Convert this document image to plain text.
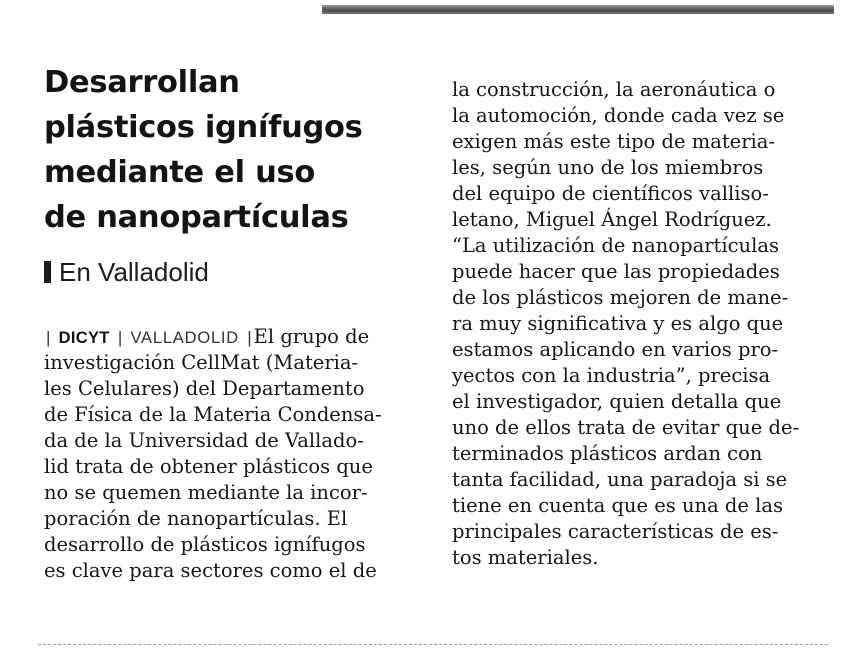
Desarrollan
plásticos ignífugos
mediante el uso
de nanopartículas
En Valladolid
| DICYT | VALLADOLID | El grupo de
investigación CellMat (Materia-
les Celulares) del Departamento
de Física de la Materia Condensa-
da de la Universidad de Vallado-
lid trata de obtener plásticos que
no se quemen mediante la incor-
poración de nanopartículas. El
desarrollo de plásticos ignífugos
es clave para sectores como el de
la construcción, la aeronáutica o
la automoción, donde cada vez se
exigen más este tipo de materia-
les, según uno de los miembros
del equipo de científicos valliso-
letano, Miguel Ángel Rodríguez.
“La utilización de nanopartículas
puede hacer que las propiedades
de los plásticos mejoren de mane-
ra muy significativa y es algo que
estamos aplicando en varios pro-
yectos con la industria”, precisa
el investigador, quien detalla que
uno de ellos trata de evitar que de-
terminados plásticos ardan con
tanta facilidad, una paradoja si se
tiene en cuenta que es una de las
principales características de es-
tos materiales.
